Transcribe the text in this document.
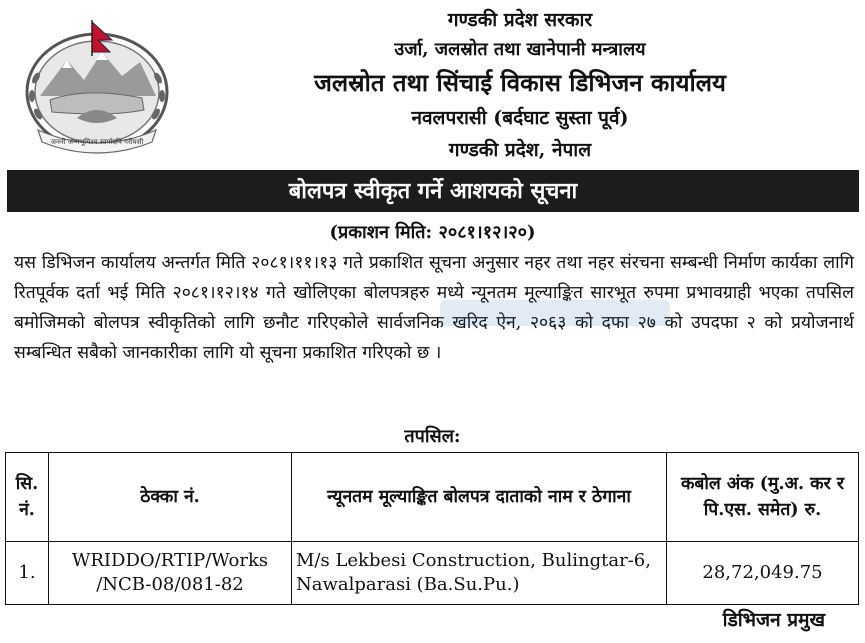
जननी जन्मभूमिश्च स्वर्गादपि गरीयसी
गण्डकी प्रदेश सरकार
उर्जा, जलस्रोत तथा खानेपानी मन्त्रालय
जलस्रोत तथा सिंचाई विकास डिभिजन कार्यालय
नवलपरासी (बर्दघाट सुस्ता पूर्व)
गण्डकी प्रदेश, नेपाल
बोलपत्र स्वीकृत गर्ने आशयको सूचना
(प्रकाशन मिति: २०८१।१२।२०)
यस डिभिजन कार्यालय अन्तर्गत मिति २०८१।११।१३ गते प्रकाशित सूचना अनुसार नहर तथा नहर संरचना सम्बन्धी निर्माण कार्यका लागि रितपूर्वक दर्ता भई मिति २०८१।१२।१४ गते खोलिएका बोलपत्रहरु मध्ये न्यूनतम मूल्याङ्कित सारभूत रुपमा प्रभावग्राही भएका तपसिल बमोजिमको बोलपत्र स्वीकृतिको लागि छनौट गरिएकोले सार्वजनिक खरिद ऐन, २०६३ को दफा २७ को उपदफा २ को प्रयोजनार्थ सम्बन्धित सबैको जानकारीका लागि यो सूचना प्रकाशित गरिएको छ ।
तपसिल:
सि. नं.	ठेक्का नं.	न्यूनतम मूल्याङ्कित बोलपत्र दाताको नाम र ठेगाना	कबोल अंक (मु.अ. कर र पि.एस. समेत) रु.
1.	WRIDDO/RTIP/Works /NCB-08/081-82	M/s Lekbesi Construction, Bulingtar-6, Nawalparasi (Ba.Su.Pu.)	28,72,049.75
डिभिजन प्रमुख
